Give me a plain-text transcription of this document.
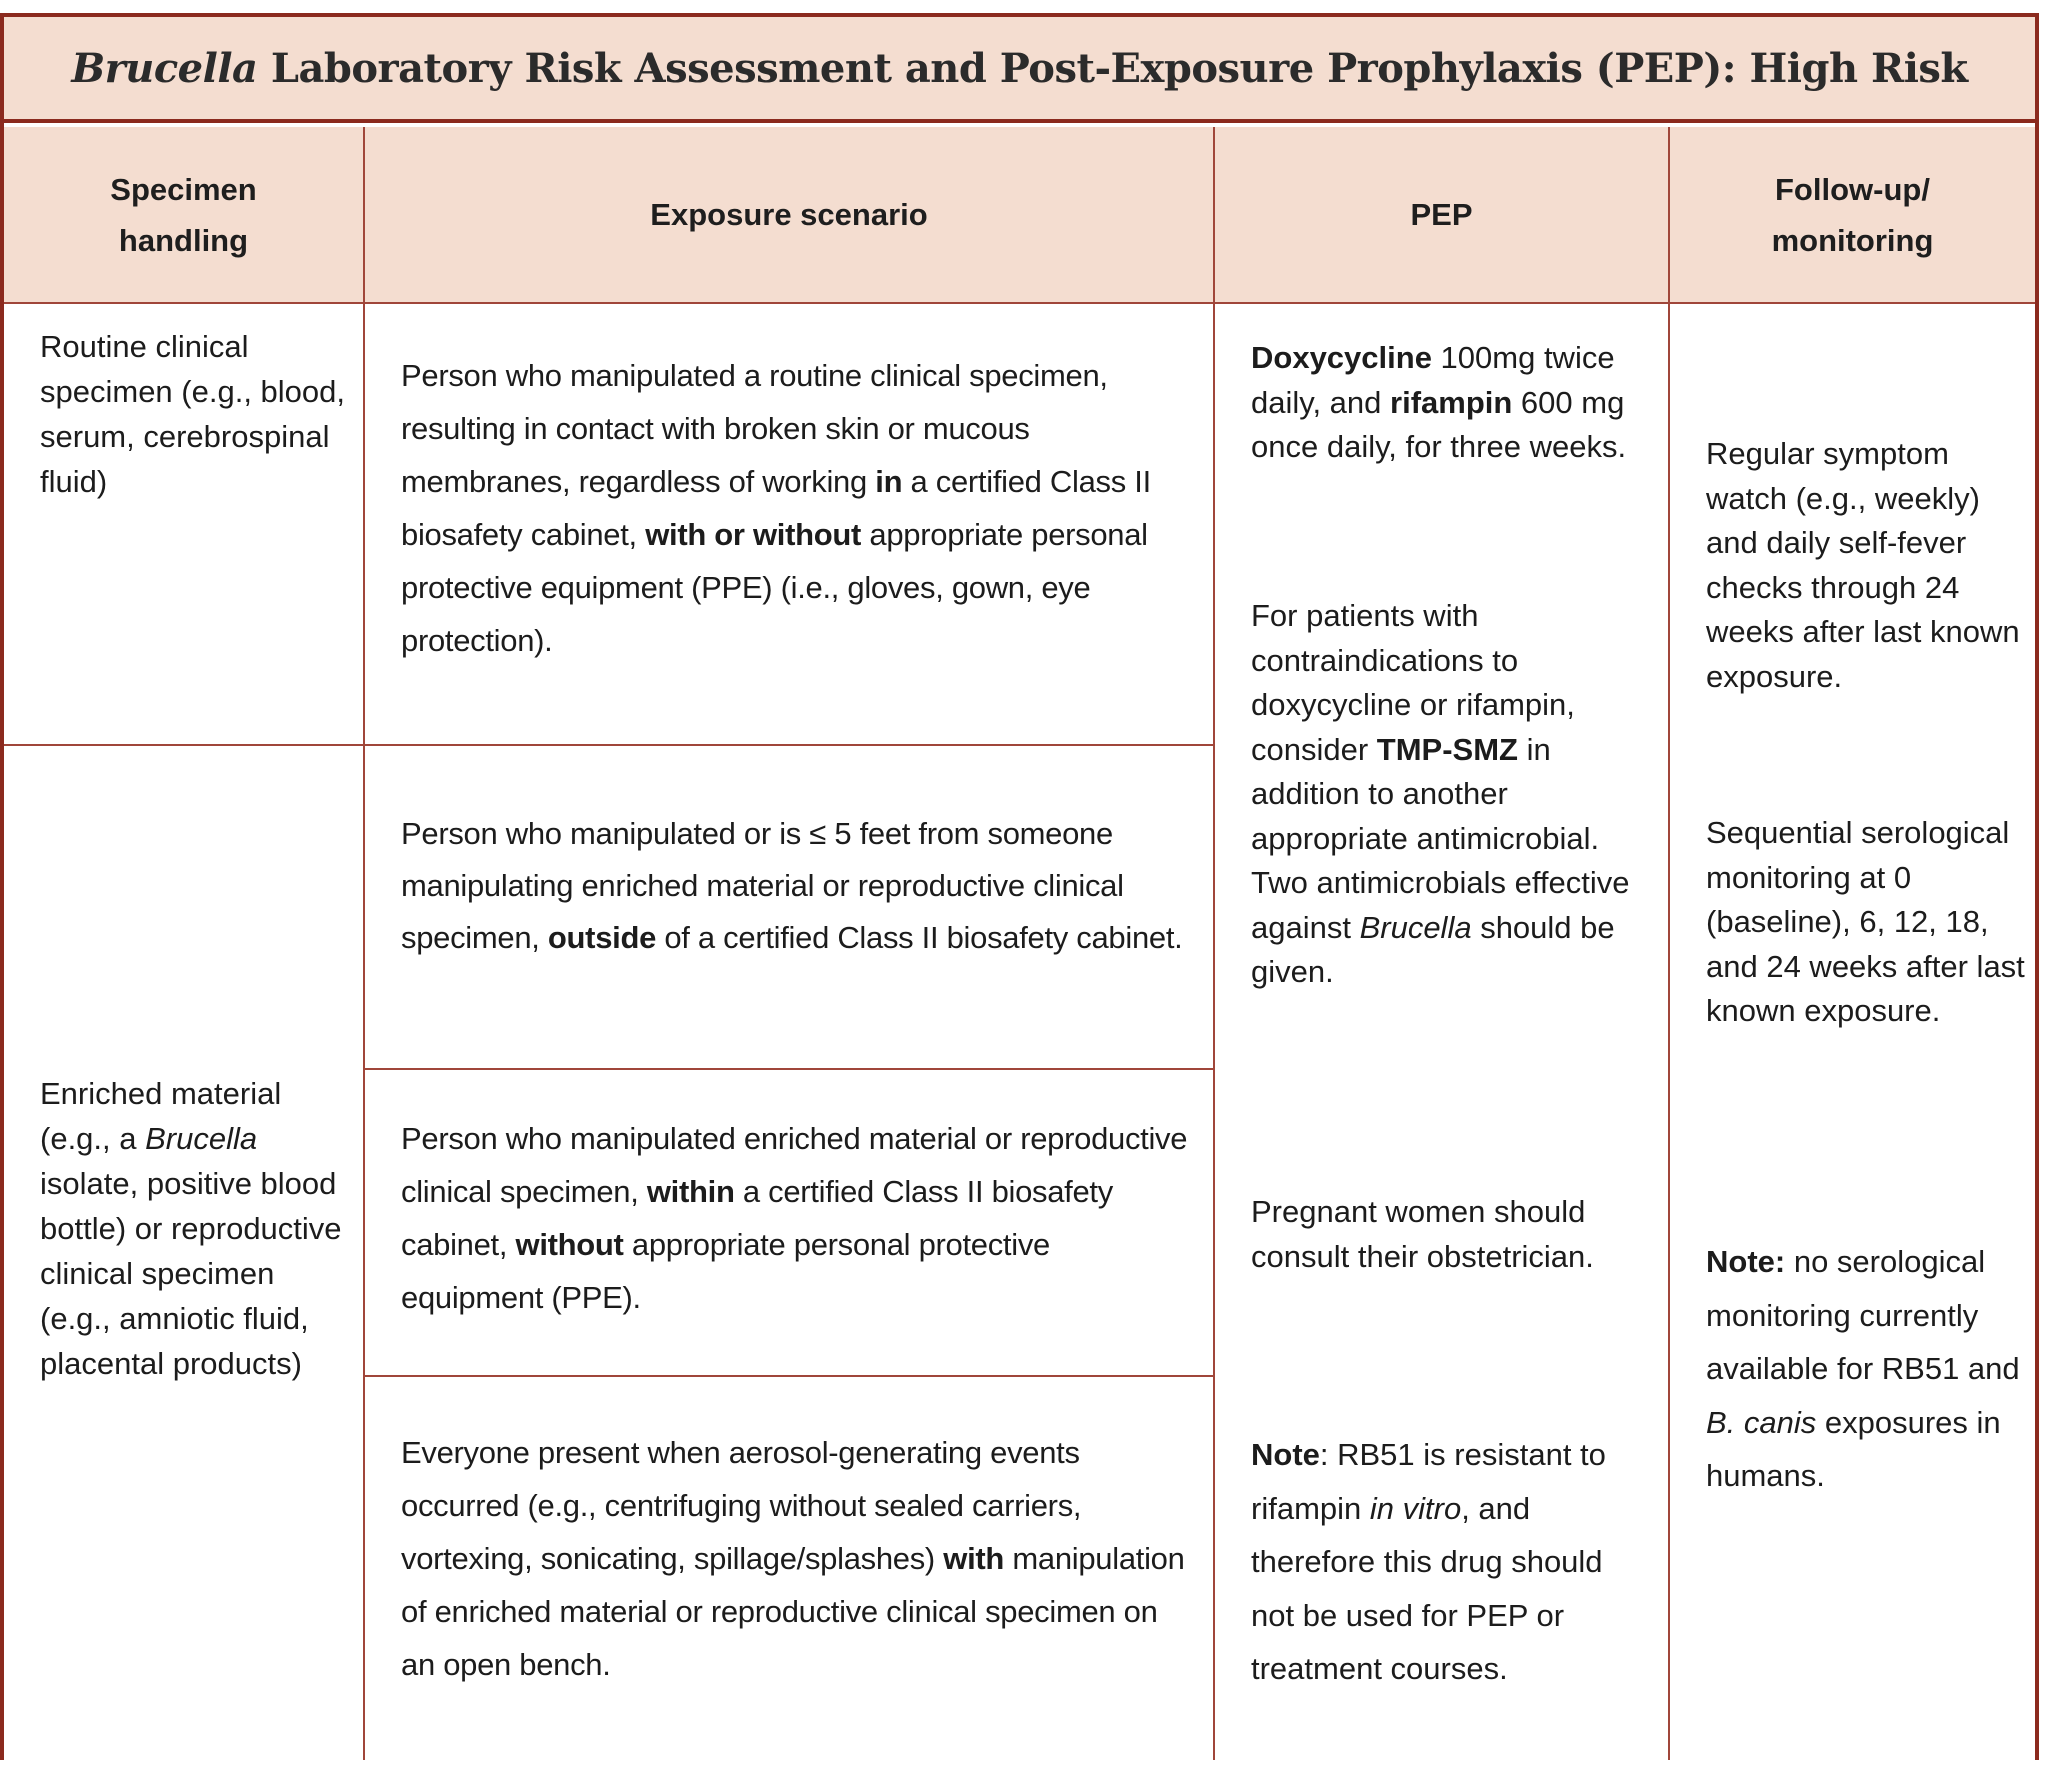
Brucella Laboratory Risk Assessment and Post-Exposure Prophylaxis (PEP): High Risk
Specimen
handling
Exposure scenario	PEP
Follow-up/
monitoring
Routine clinical specimen (e.g., blood, serum, cerebrospinal fluid)
Enriched material (e.g., a Brucella isolate, positive blood bottle) or reproductive clinical specimen (e.g., amniotic fluid, placental products)
Person who manipulated a routine clinical specimen, resulting in contact with broken skin or mucous membranes, regardless of working in a certified Class II biosafety cabinet, with or without appropriate personal protective equipment (PPE) (i.e., gloves, gown, eye protection).
Person who manipulated or is ≤ 5 feet from someone manipulating enriched material or reproductive clinical specimen, outside of a certified Class II biosafety cabinet.
Person who manipulated enriched material or reproductive clinical specimen, within a certified Class II biosafety cabinet, without appropriate personal protective equipment (PPE).
Everyone present when aerosol-generating events occurred (e.g., centrifuging without sealed carriers, vortexing, sonicating, spillage/splashes) with manipulation of enriched material or reproductive clinical specimen on an open bench.
Doxycycline 100mg twice daily, and rifampin 600 mg once daily, for three weeks.
For patients with contraindications to doxycycline or rifampin, consider TMP-SMZ in addition to another appropriate antimicrobial. Two antimicrobials effective against Brucella should be given.
Pregnant women should consult their obstetrician.
Note: RB51 is resistant to rifampin in vitro, and therefore this drug should not be used for PEP or treatment courses.
Regular symptom watch (e.g., weekly) and daily self-fever checks through 24 weeks after last known exposure.
Sequential serological monitoring at 0 (baseline), 6, 12, 18, and 24 weeks after last known exposure.
Note: no serological monitoring currently available for RB51 and B. canis exposures in humans.
